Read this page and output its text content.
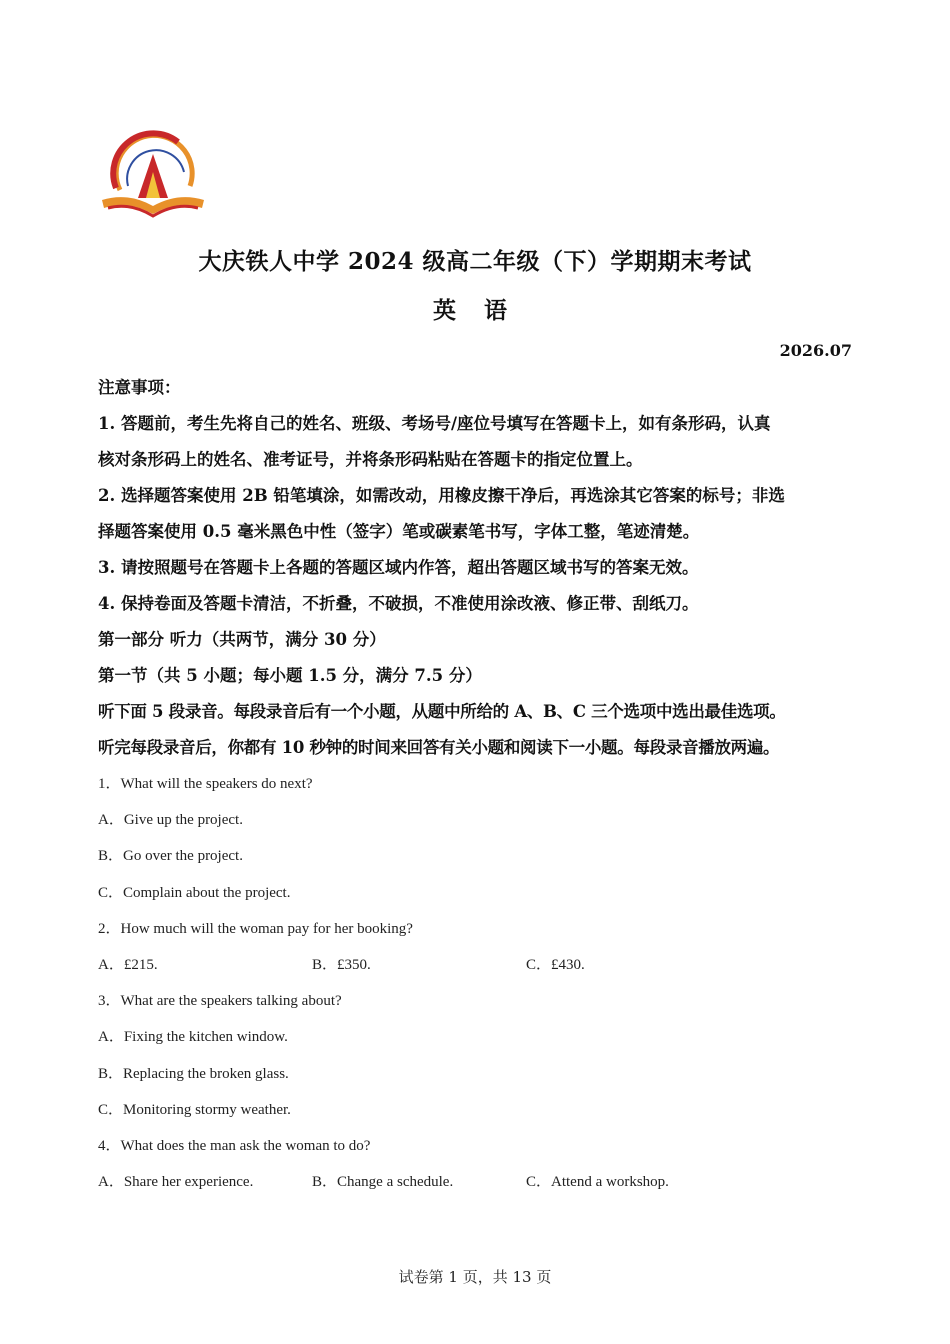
大庆铁人中学 2024 级高二年级（下）学期期末考试
英 语
2026.07
注意事项：
1. 答题前，考生先将自己的姓名、班级、考场号/座位号填写在答题卡上，如有条形码，认真
核对条形码上的姓名、准考证号，并将条形码粘贴在答题卡的指定位置上。
2. 选择题答案使用 2B 铅笔填涂，如需改动，用橡皮擦干净后，再选涂其它答案的标号；非选
择题答案使用 0.5 毫米黑色中性（签字）笔或碳素笔书写，字体工整，笔迹清楚。
3. 请按照题号在答题卡上各题的答题区域内作答，超出答题区域书写的答案无效。
4. 保持卷面及答题卡清洁，不折叠，不破损，不准使用涂改液、修正带、刮纸刀。
第一部分 听力（共两节，满分 30 分）
第一节（共 5 小题；每小题 1.5 分，满分 7.5 分）
听下面 5 段录音。每段录音后有一个小题，从题中所给的 A、B、C 三个选项中选出最佳选项。
听完每段录音后，你都有 10 秒钟的时间来回答有关小题和阅读下一小题。每段录音播放两遍。
1．What will the speakers do next?
A．Give up the project.
B．Go over the project.
C．Complain about the project.
2．How much will the woman pay for her booking?
A．£215.	B．£350.	C．£430.
3．What are the speakers talking about?
A．Fixing the kitchen window.
B．Replacing the broken glass.
C．Monitoring stormy weather.
4．What does the man ask the woman to do?
A．Share her experience.	B．Change a schedule.	C．Attend a workshop.
试卷第 1 页，共 13 页
